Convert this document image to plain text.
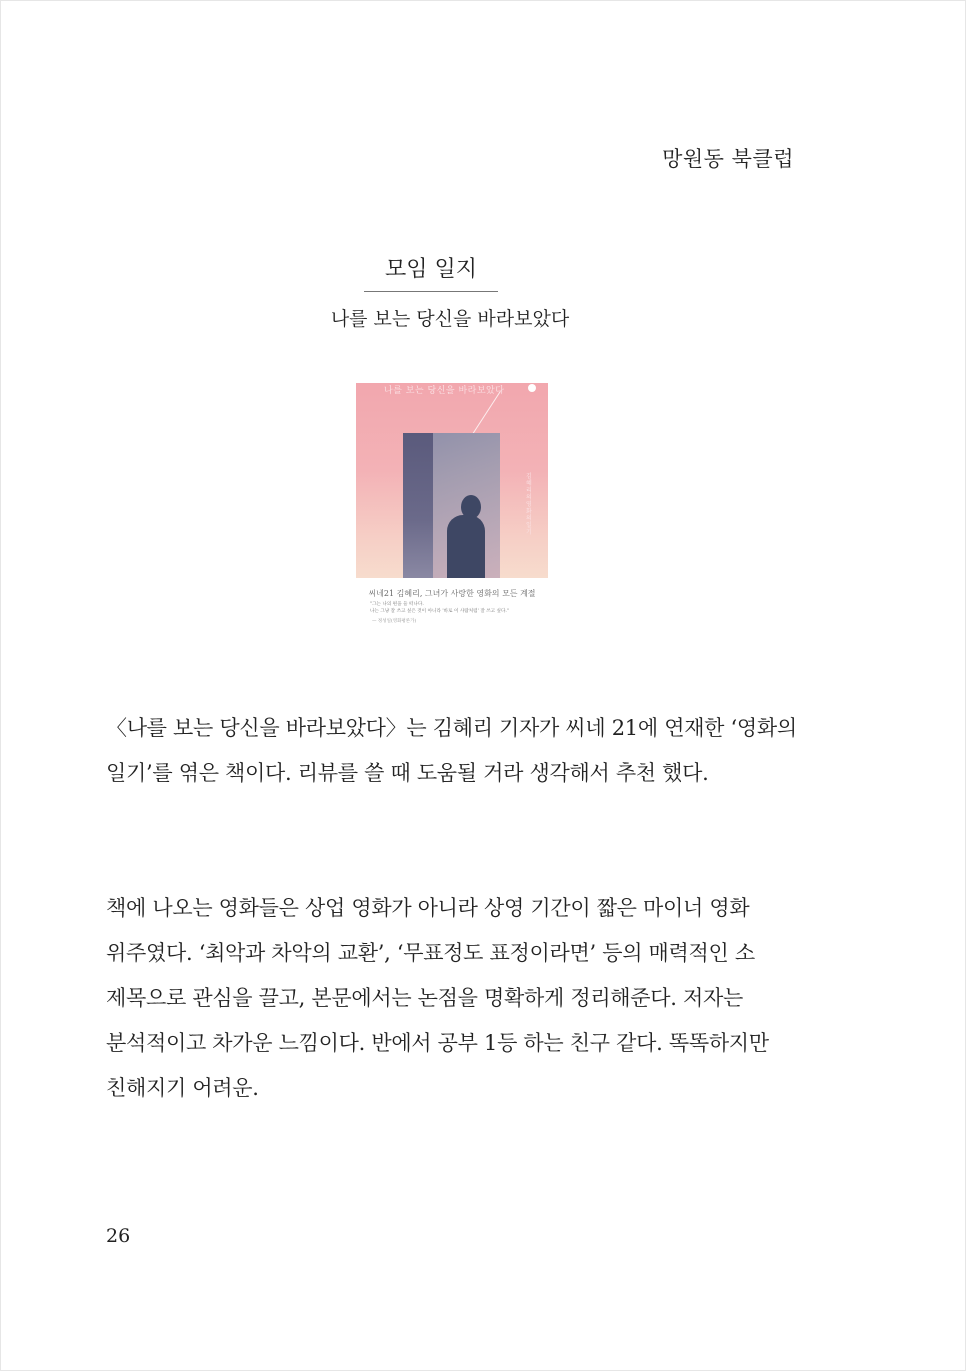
망원동 북클럽
모임 일지
나를 보는 당신을 바라보았다
나를 보는 당신을 바라보았다
김혜리의 영화의 일기
씨네21 김혜리, 그녀가 사랑한 영화의 모든 계절
"그는 나의 편을 들 떠나다.
나는 그냥 잘 쓰고 싶은 것이 아니라 '바로 이 사람처럼' 잘 쓰고 싶다."
— 정성일(영화평론가)
〈나를 보는 당신을 바라보았다〉는 김혜리 기자가 씨네 21에 연재한 ‘영화의
일기’를 엮은 책이다. 리뷰를 쓸 때 도움될 거라 생각해서 추천 했다.
책에 나오는 영화들은 상업 영화가 아니라 상영 기간이 짧은 마이너 영화
위주였다. ‘최악과 차악의 교환’, ‘무표정도 표정이라면’ 등의 매력적인 소
제목으로 관심을 끌고, 본문에서는 논점을 명확하게 정리해준다. 저자는
분석적이고 차가운 느낌이다. 반에서 공부 1등 하는 친구 같다. 똑똑하지만
친해지기 어려운.
26
